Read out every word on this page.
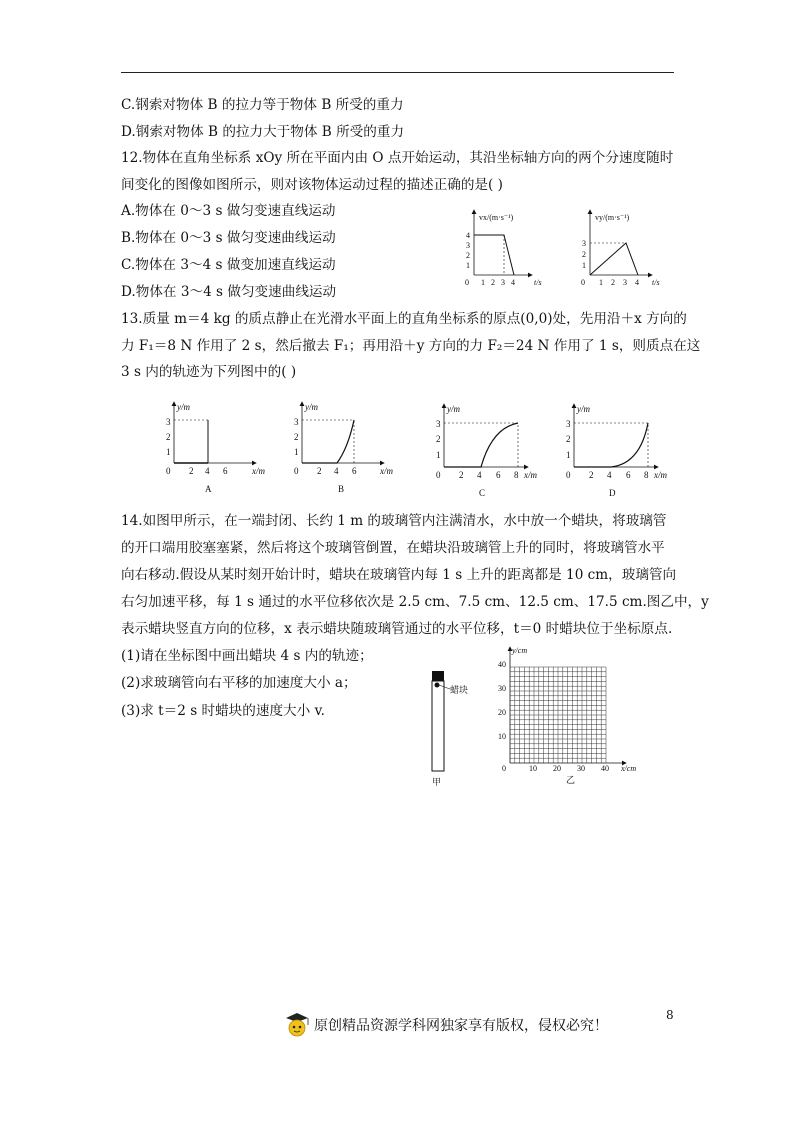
C.钢索对物体 B 的拉力等于物体 B 所受的重力
D.钢索对物体 B 的拉力大于物体 B 所受的重力
12.物体在直角坐标系 xOy 所在平面内由 O 点开始运动，其沿坐标轴方向的两个分速度随时
间变化的图像如图所示，则对该物体运动过程的描述正确的是( )
A.物体在 0～3 s 做匀变速直线运动
B.物体在 0～3 s 做匀变速曲线运动
C.物体在 3～4 s 做变加速直线运动
D.物体在 3～4 s 做匀变速曲线运动
vx/(m·s⁻¹)
t/s
0
1
2
3
4
1 2 3 4
vy/(m·s⁻¹)
t/s
0
1
2
3
1 2 3 4
13.质量 m＝4 kg 的质点静止在光滑水平面上的直角坐标系的原点(0,0)处，先用沿＋x 方向的
力 F₁＝8 N 作用了 2 s，然后撤去 F₁；再用沿＋y 方向的力 F₂＝24 N 作用了 1 s，则质点在这
3 s 内的轨迹为下列图中的( )
y/m
x/m
0
1
2
3
2 4 6
A
y/m
x/m
0
1
2
3
2 4 6
B
y/m
x/m
0
1
2
3
2 4 6 8
C
y/m
x/m
0
1
2
3
2 4 6 8
D
14.如图甲所示，在一端封闭、长约 1 m 的玻璃管内注满清水，水中放一个蜡块，将玻璃管
的开口端用胶塞塞紧，然后将这个玻璃管倒置，在蜡块沿玻璃管上升的同时，将玻璃管水平
向右移动.假设从某时刻开始计时，蜡块在玻璃管内每 1 s 上升的距离都是 10 cm，玻璃管向
右匀加速平移，每 1 s 通过的水平位移依次是 2.5 cm、7.5 cm、12.5 cm、17.5 cm.图乙中，y
表示蜡块竖直方向的位移，x 表示蜡块随玻璃管通过的水平位移，t＝0 时蜡块位于坐标原点.
(1)请在坐标图中画出蜡块 4 s 内的轨迹；
(2)求玻璃管向右平移的加速度大小 a；
(3)求 t＝2 s 时蜡块的速度大小 v.
蜡块
甲
y/cm
x/cm
0
10
20
30
40
10 20 30 40
乙
8
原创精品资源学科网独家享有版权，侵权必究！
